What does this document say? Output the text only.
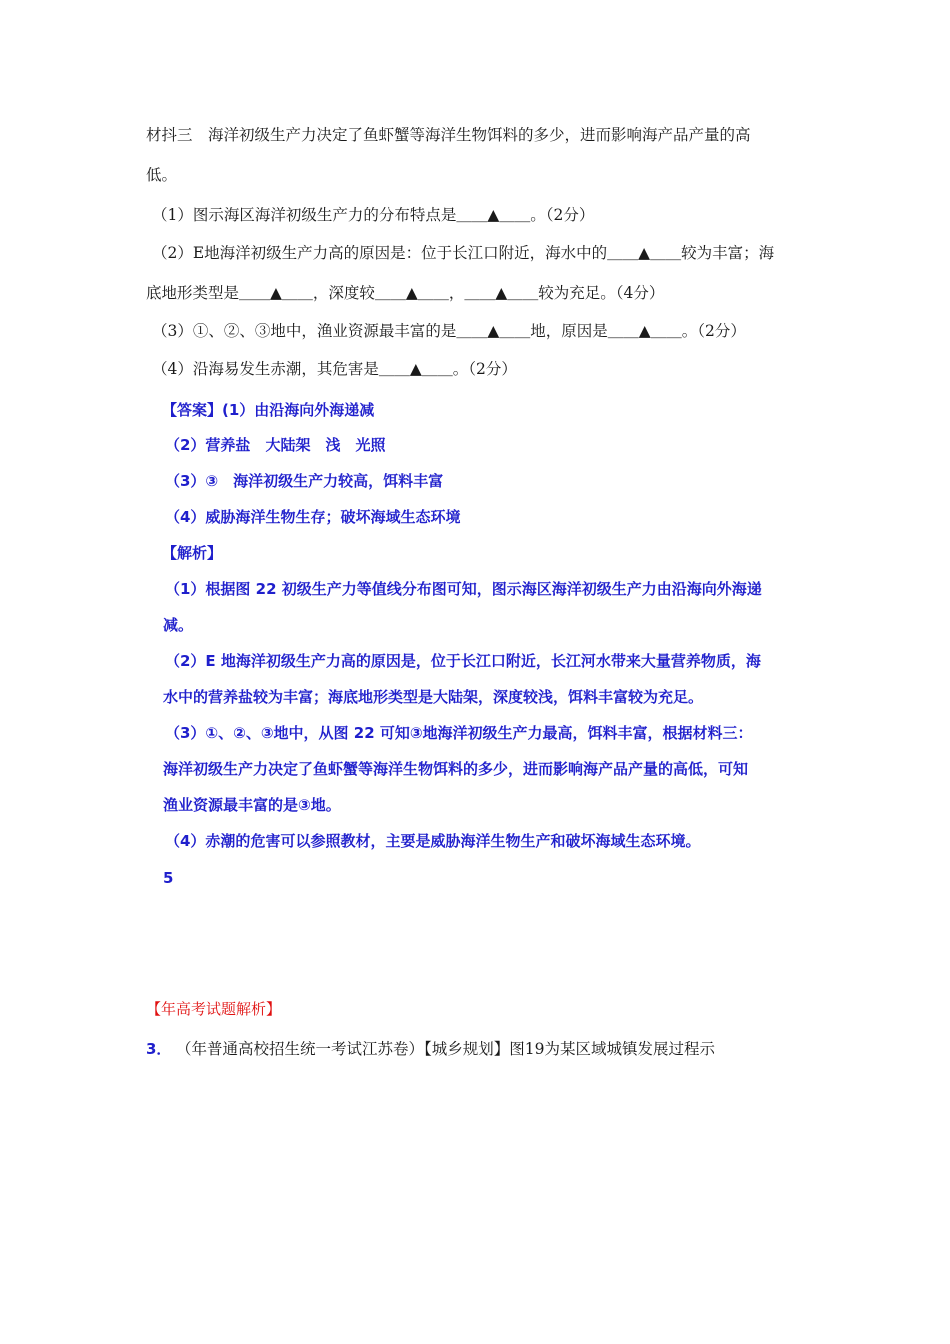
材抖三　海洋初级生产力决定了鱼虾蟹等海洋生物饵料的多少，进而影响海产品产量的高
低。
（1）图示海区海洋初级生产力的分布特点是＿＿▲＿＿。（2分）
（2）E地海洋初级生产力高的原因是：位于长江口附近，海水中的＿＿▲＿＿较为丰富；海
底地形类型是＿＿▲＿＿，深度较＿＿▲＿＿，＿＿▲＿＿较为充足。（4分）
（3）①、②、③地中，渔业资源最丰富的是＿＿▲＿＿地，原因是＿＿▲＿＿。（2分）
（4）沿海易发生赤潮，其危害是＿＿▲＿＿。（2分）
【答案】(1）由沿海向外海递减
（2）营养盐　大陆架　浅　光照
（3）③　海洋初级生产力较高，饵料丰富
（4）威胁海洋生物生存；破坏海域生态环境
【解析】
（1）根据图 22 初级生产力等值线分布图可知，图示海区海洋初级生产力由沿海向外海递
减。
（2）E 地海洋初级生产力高的原因是，位于长江口附近，长江河水带来大量营养物质，海
水中的营养盐较为丰富；海底地形类型是大陆架，深度较浅，饵料丰富较为充足。
（3）①、②、③地中，从图 22 可知③地海洋初级生产力最高，饵料丰富，根据材料三：
海洋初级生产力决定了鱼虾蟹等海洋生物饵料的多少，进而影响海产品产量的高低，可知
渔业资源最丰富的是③地。
（4）赤潮的危害可以参照教材，主要是威胁海洋生物生产和破坏海域生态环境。
5
【年高考试题解析】
3． （年普通高校招生统一考试江苏卷）【城乡规划】图19为某区域城镇发展过程示
